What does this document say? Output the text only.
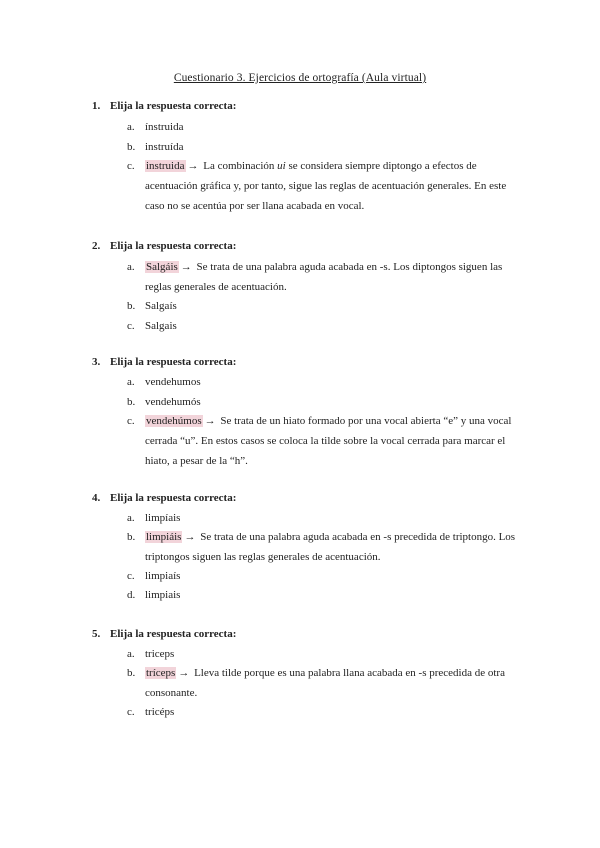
Cuestionario 3. Ejercicios de ortografía (Aula virtual)
1. Elija la respuesta correcta:
a. ínstruida
b. instruída
c. instruida → La combinación ui se considera siempre diptongo a efectos de acentuación gráfica y, por tanto, sigue las reglas de acentuación generales. En este caso no se acentúa por ser llana acabada en vocal.
2. Elija la respuesta correcta:
a. Salgáis → Se trata de una palabra aguda acabada en -s. Los diptongos siguen las reglas generales de acentuación.
b. Salgaís
c. Salgais
3. Elija la respuesta correcta:
a. vendehumos
b. vendehumós
c. vendehúmos → Se trata de un hiato formado por una vocal abierta “e” y una vocal cerrada “u”. En estos casos se coloca la tilde sobre la vocal cerrada para marcar el hiato, a pesar de la “h”.
4. Elija la respuesta correcta:
a. limpíais
b. limpiáis → Se trata de una palabra aguda acabada en -s precedida de triptongo. Los triptongos siguen las reglas generales de acentuación.
c. limpiaís
d. limpiais
5. Elija la respuesta correcta:
a. triceps
b. tríceps → Lleva tilde porque es una palabra llana acabada en -s precedida de otra consonante.
c. tricéps
